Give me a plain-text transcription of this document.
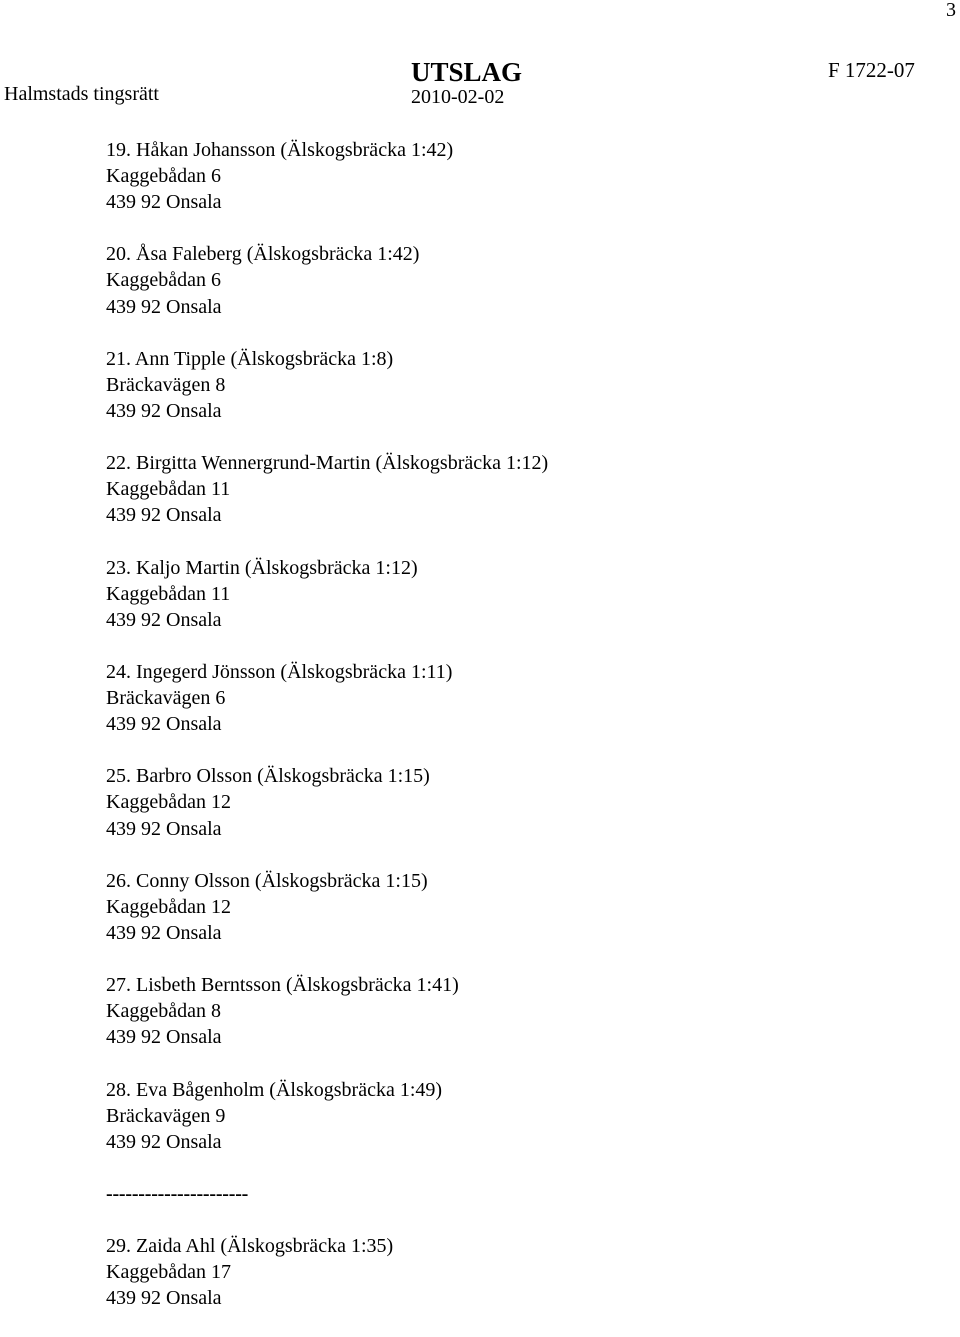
3
Halmstads tingsrätt
UTSLAG
2010-02-02
F 1722-07
19. Håkan Johansson (Älskogsbräcka 1:42)
Kaggebådan 6
439 92 Onsala
20. Åsa Faleberg (Älskogsbräcka 1:42)
Kaggebådan 6
439 92 Onsala
21. Ann Tipple (Älskogsbräcka 1:8)
Bräckavägen 8
439 92 Onsala
22. Birgitta Wennergrund-Martin (Älskogsbräcka 1:12)
Kaggebådan 11
439 92 Onsala
23. Kaljo Martin (Älskogsbräcka 1:12)
Kaggebådan 11
439 92 Onsala
24. Ingegerd Jönsson (Älskogsbräcka 1:11)
Bräckavägen 6
439 92 Onsala
25. Barbro Olsson (Älskogsbräcka 1:15)
Kaggebådan 12
439 92 Onsala
26. Conny Olsson (Älskogsbräcka 1:15)
Kaggebådan 12
439 92 Onsala
27. Lisbeth Berntsson (Älskogsbräcka 1:41)
Kaggebådan 8
439 92 Onsala
28. Eva Bågenholm (Älskogsbräcka 1:49)
Bräckavägen 9
439 92 Onsala
----------------------
29. Zaida Ahl (Älskogsbräcka 1:35)
Kaggebådan 17
439 92 Onsala
